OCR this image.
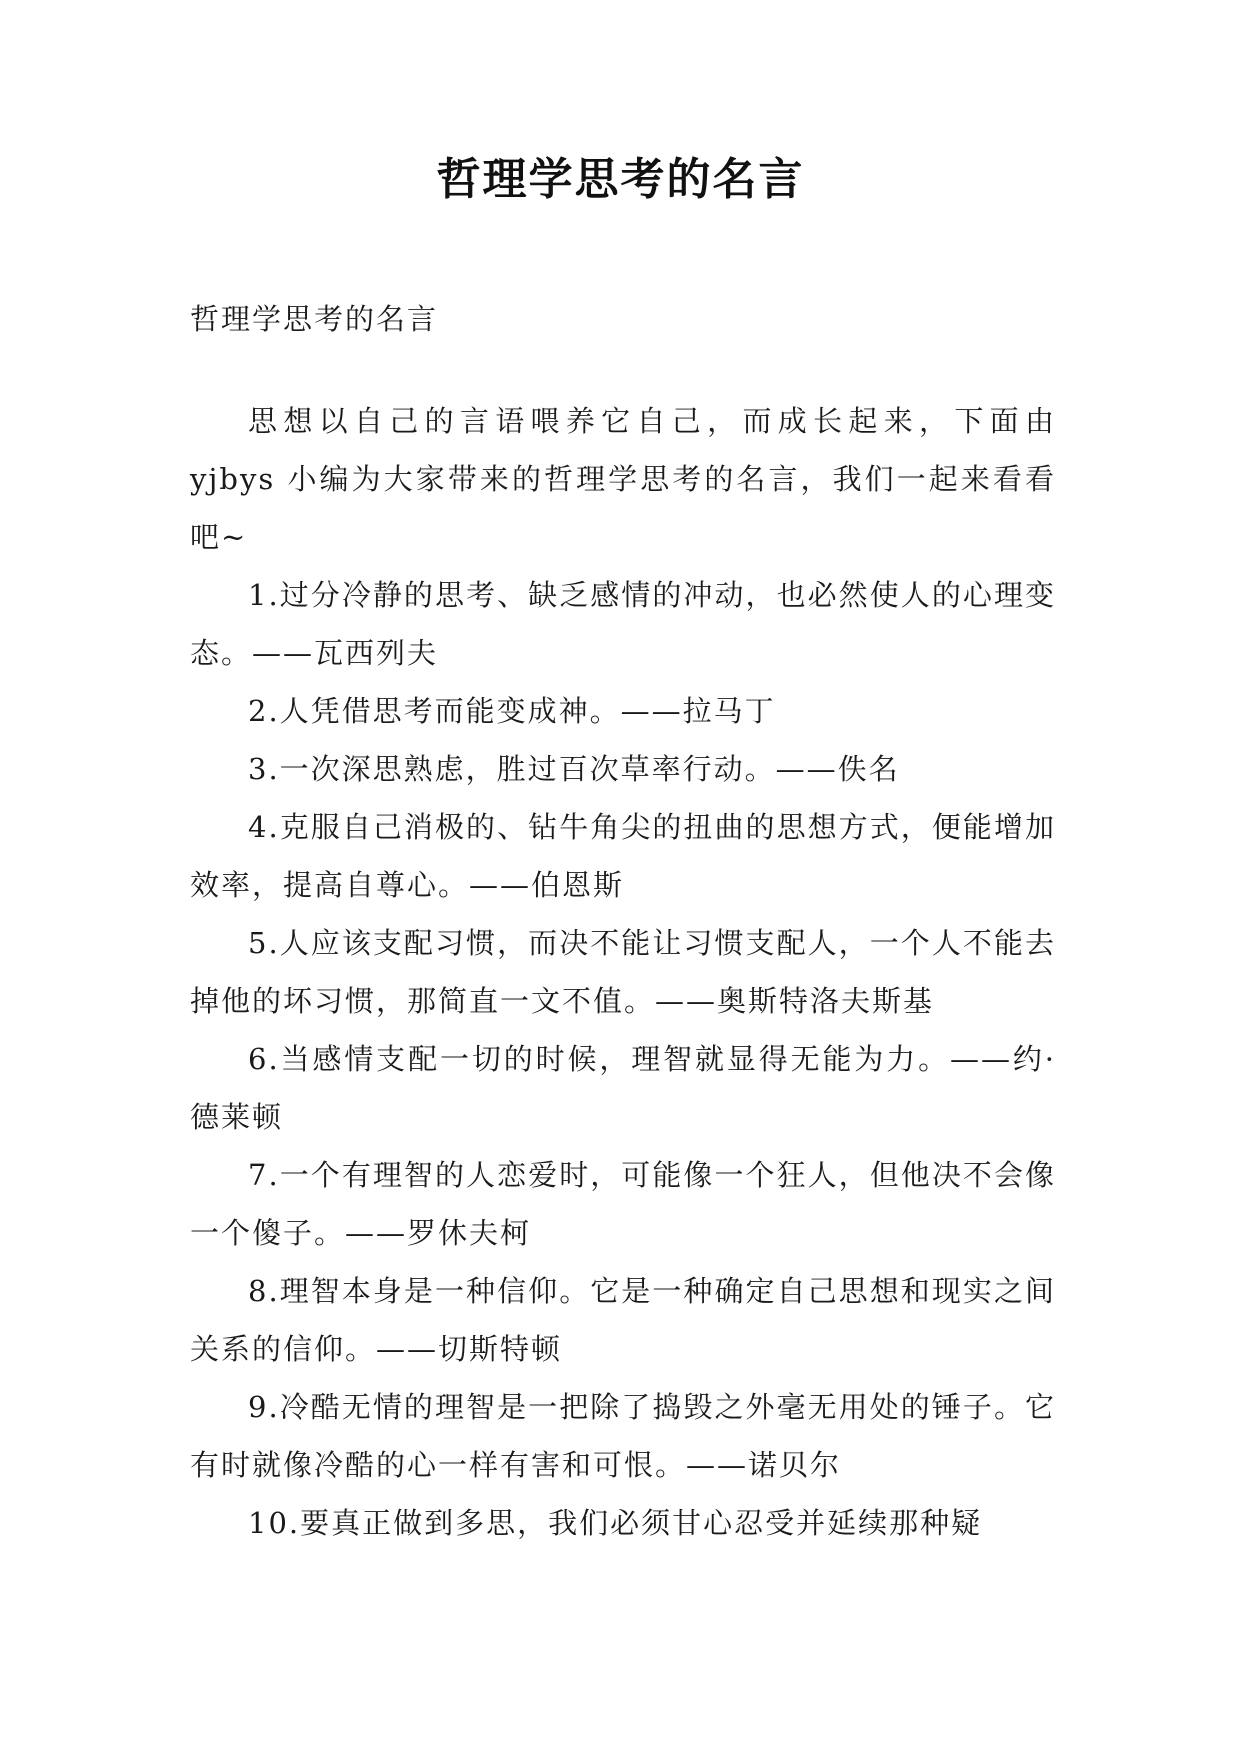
哲理学思考的名言

哲理学思考的名言

思想以自己的言语喂养它自己，而成长起来，下面由 yjbys 小编为大家带来的哲理学思考的名言，我们一起来看看吧~

1.过分冷静的思考、缺乏感情的冲动，也必然使人的心理变态。——瓦西列夫

2.人凭借思考而能变成神。——拉马丁

3.一次深思熟虑，胜过百次草率行动。——佚名

4.克服自己消极的、钻牛角尖的扭曲的思想方式，便能增加效率，提高自尊心。——伯恩斯

5.人应该支配习惯，而决不能让习惯支配人，一个人不能去掉他的坏习惯，那简直一文不值。——奥斯特洛夫斯基

6.当感情支配一切的时候，理智就显得无能为力。——约·德莱顿

7.一个有理智的人恋爱时，可能像一个狂人，但他决不会像一个傻子。——罗休夫柯

8.理智本身是一种信仰。它是一种确定自己思想和现实之间关系的信仰。——切斯特顿

9.冷酷无情的理智是一把除了捣毁之外毫无用处的锤子。它有时就像冷酷的心一样有害和可恨。——诺贝尔

10.要真正做到多思，我们必须甘心忍受并延续那种疑
